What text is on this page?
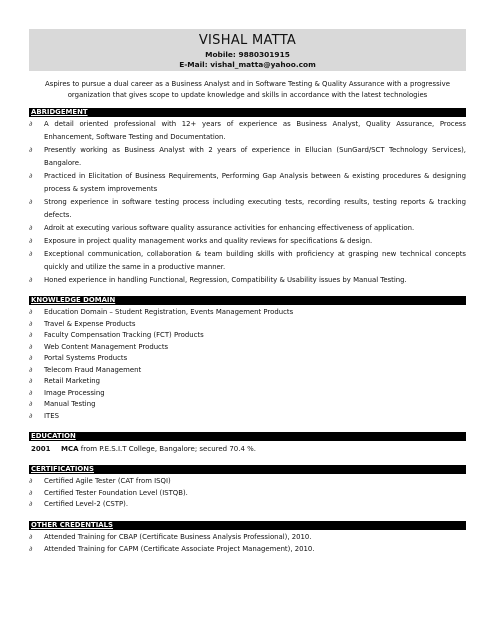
VISHAL MATTA
Mobile: 9880301915
E-Mail: vishal_matta@yahoo.com
Aspires to pursue a dual career as a Business Analyst and in Software Testing & Quality Assurance with a progressive organization that gives scope to update knowledge and skills in accordance with the latest technologies
ABRIDGEMENT
∂ A detail oriented professional with 12+ years of experience as Business Analyst, Quality Assurance, Process Enhancement, Software Testing and Documentation.
∂ Presently working as Business Analyst with 2 years of experience in Ellucian (SunGard/SCT Technology Services), Bangalore.
∂ Practiced in Elicitation of Business Requirements, Performing Gap Analysis between & existing procedures & designing process & system improvements
∂ Strong experience in software testing process including executing tests, recording results, testing reports & tracking defects.
∂ Adroit at executing various software quality assurance activities for enhancing effectiveness of application.
∂ Exposure in project quality management works and quality reviews for specifications & design.
∂ Exceptional communication, collaboration & team building skills with proficiency at grasping new technical concepts quickly and utilize the same in a productive manner.
∂ Honed experience in handling Functional, Regression, Compatibility & Usability issues by Manual Testing.
KNOWLEDGE DOMAIN
∂ Education Domain – Student Registration, Events Management Products
∂ Travel & Expense Products
∂ Faculty Compensation Tracking (FCT) Products
∂ Web Content Management Products
∂ Portal Systems Products
∂ Telecom Fraud Management
∂ Retail Marketing
∂ Image Processing
∂ Manual Testing
∂ ITES
EDUCATION
2001 MCA from P.E.S.I.T College, Bangalore; secured 70.4 %.
CERTIFICATIONS
∂ Certified Agile Tester (CAT from ISQI)
∂ Certified Tester Foundation Level (ISTQB).
∂ Certified Level-2 (CSTP).
OTHER CREDENTIALS
∂ Attended Training for CBAP (Certificate Business Analysis Professional), 2010.
∂ Attended Training for CAPM (Certificate Associate Project Management), 2010.
